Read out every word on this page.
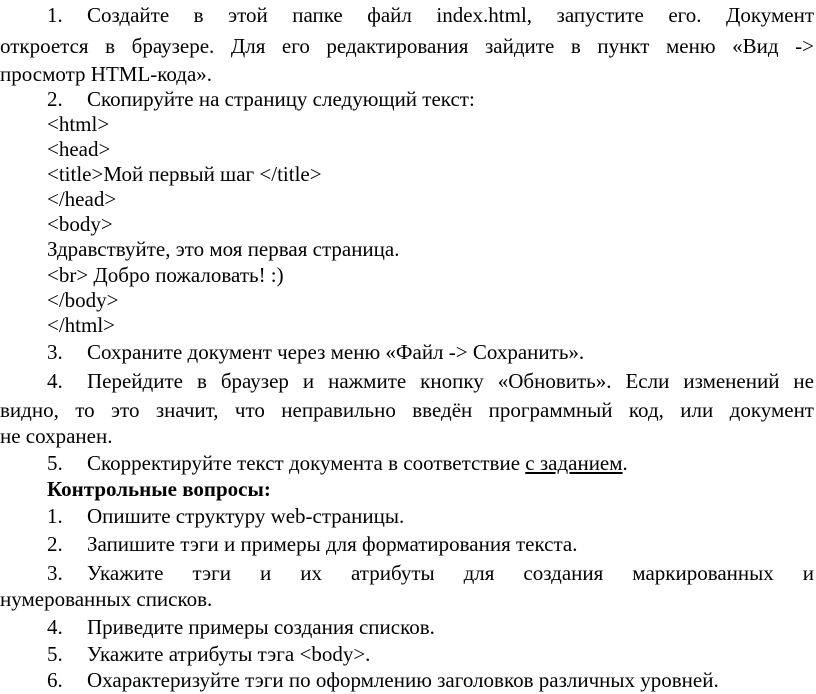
1. Создайте в этой папке файл index.html, запустите его. Документ
откроется в браузере. Для его редактирования зайдите в пункт меню «Вид ->
просмотр HTML-кода».
2. Скопируйте на страницу следующий текст:
<html>
<head>
<title>Мой первый шаг </title>
</head>
<body>
Здравствуйте, это моя первая страница.
<br> Добро пожаловать! :)
</body>
</html>
3. Сохраните документ через меню «Файл -> Сохранить».
4. Перейдите в браузер и нажмите кнопку «Обновить». Если изменений не
видно, то это значит, что неправильно введён программный код, или документ
не сохранен.
5. Скорректируйте текст документа в соответствие с заданием.
Контрольные вопросы:
1. Опишите структуру web-страницы.
2. Запишите тэги и примеры для форматирования текста.
3. Укажите тэги и их атрибуты для создания маркированных и
нумерованных списков.
4. Приведите примеры создания списков.
5. Укажите атрибуты тэга <body>.
6. Охарактеризуйте тэги по оформлению заголовков различных уровней.
